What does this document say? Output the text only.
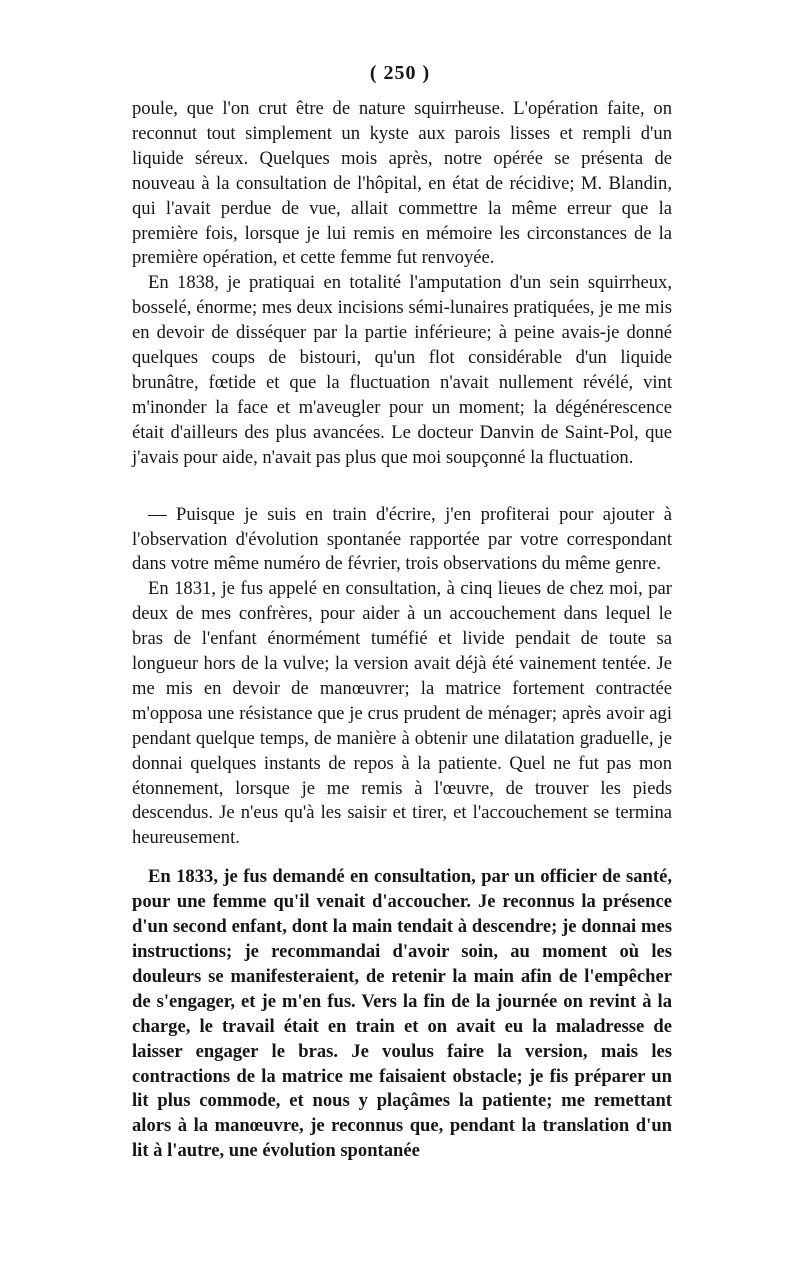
( 250 )

poule, que l'on crut être de nature squirrheuse. L'opération faite, on reconnut tout simplement un kyste aux parois lisses et rempli d'un liquide séreux. Quelques mois après, notre opérée se présenta de nouveau à la consultation de l'hôpital, en état de récidive; M. Blandin, qui l'avait perdue de vue, allait commettre la même erreur que la première fois, lorsque je lui remis en mémoire les circonstances de la première opération, et cette femme fut renvoyée.

En 1838, je pratiquai en totalité l'amputation d'un sein squirrheux, bosselé, énorme; mes deux incisions sémi-lunaires pratiquées, je me mis en devoir de disséquer par la partie inférieure; à peine avais-je donné quelques coups de bistouri, qu'un flot considérable d'un liquide brunâtre, fœtide et que la fluctuation n'avait nullement révélé, vint m'inonder la face et m'aveugler pour un moment; la dégénérescence était d'ailleurs des plus avancées. Le docteur Danvin de Saint-Pol, que j'avais pour aide, n'avait pas plus que moi soupçonné la fluctuation.

— Puisque je suis en train d'écrire, j'en profiterai pour ajouter à l'observation d'évolution spontanée rapportée par votre correspondant dans votre même numéro de février, trois observations du même genre.

En 1831, je fus appelé en consultation, à cinq lieues de chez moi, par deux de mes confrères, pour aider à un accouchement dans lequel le bras de l'enfant énormément tuméfié et livide pendait de toute sa longueur hors de la vulve; la version avait déjà été vainement tentée. Je me mis en devoir de manœuvrer; la matrice fortement contractée m'opposa une résistance que je crus prudent de ménager; après avoir agi pendant quelque temps, de manière à obtenir une dilatation graduelle, je donnai quelques instants de repos à la patiente. Quel ne fut pas mon étonnement, lorsque je me remis à l'œuvre, de trouver les pieds descendus. Je n'eus qu'à les saisir et tirer, et l'accouchement se termina heureusement.

En 1833, je fus demandé en consultation, par un officier de santé, pour une femme qu'il venait d'accoucher. Je reconnus la présence d'un second enfant, dont la main tendait à descendre; je donnai mes instructions; je recommandai d'avoir soin, au moment où les douleurs se manifesteraient, de retenir la main afin de l'empêcher de s'engager, et je m'en fus. Vers la fin de la journée on revint à la charge, le travail était en train et on avait eu la maladresse de laisser engager le bras. Je voulus faire la version, mais les contractions de la matrice me faisaient obstacle; je fis préparer un lit plus commode, et nous y plaçâmes la patiente; me remettant alors à la manœuvre, je reconnus que, pendant la translation d'un lit à l'autre, une évolution spontanée
